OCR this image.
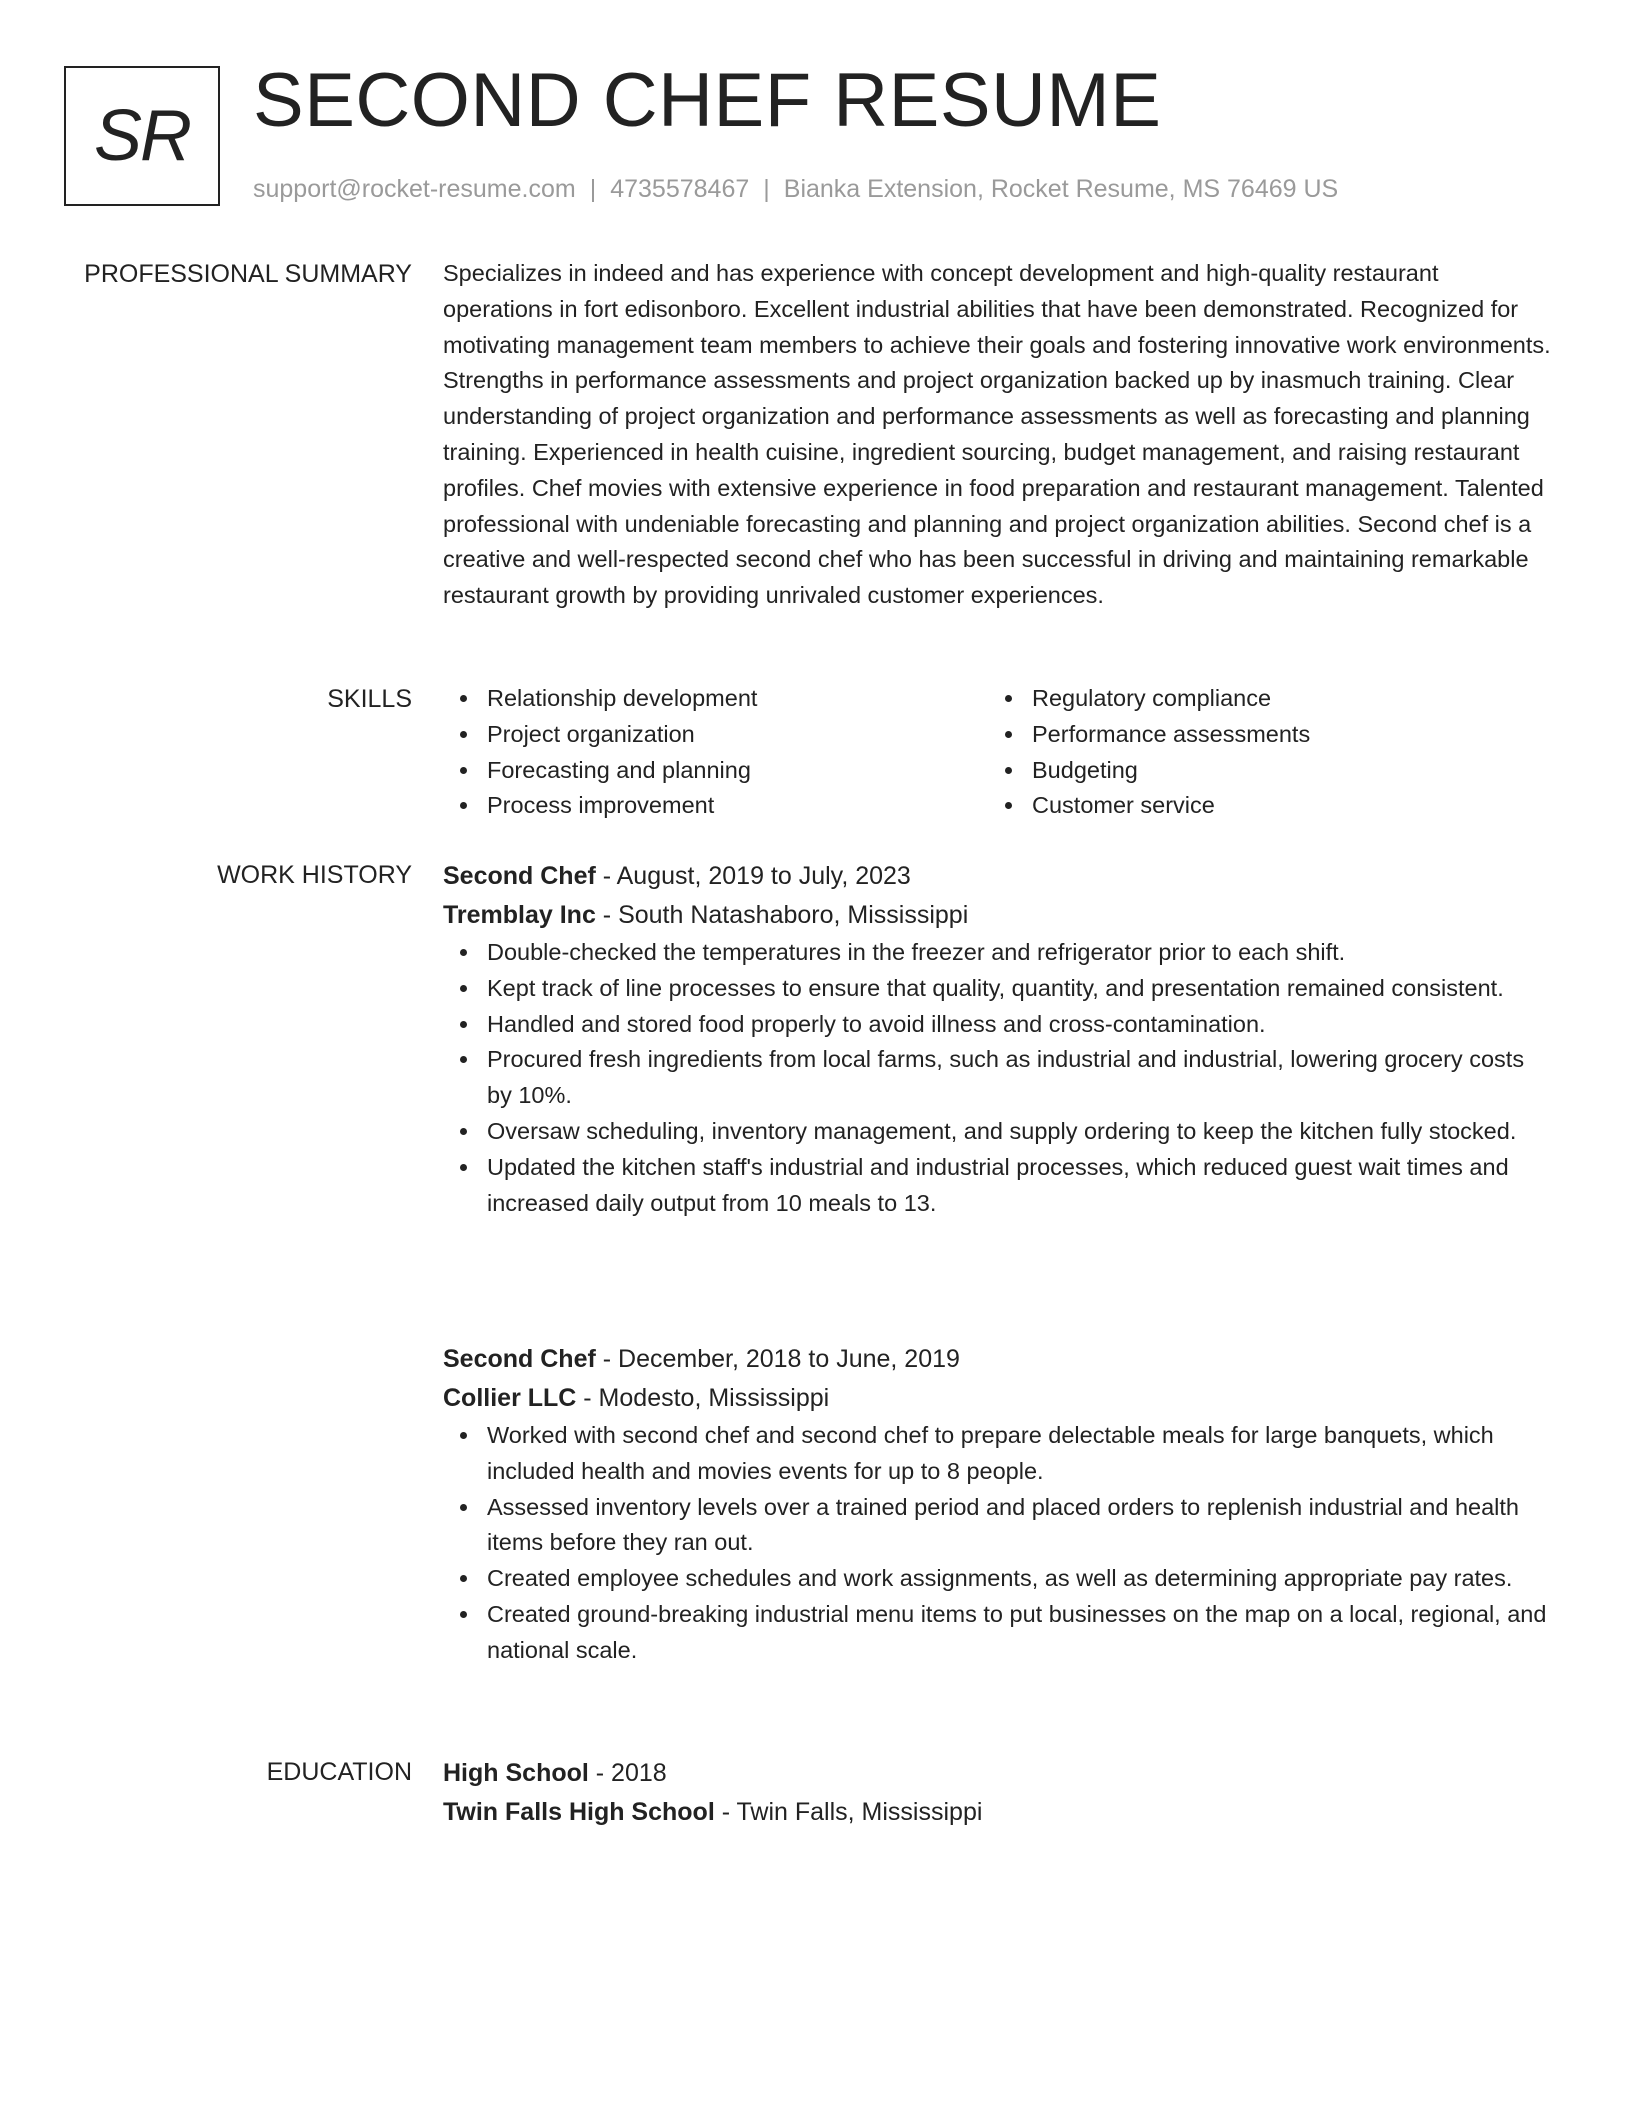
SR SECOND CHEF RESUME
support@rocket-resume.com | 4735578467 | Bianka Extension, Rocket Resume, MS 76469 US
PROFESSIONAL SUMMARY Specializes in indeed and has experience with concept development and high-quality restaurant operations in fort edisonboro. Excellent industrial abilities that have been demonstrated. Recognized for motivating management team members to achieve their goals and fostering innovative work environments. Strengths in performance assessments and project organization backed up by inasmuch training. Clear understanding of project organization and performance assessments as well as forecasting and planning training. Experienced in health cuisine, ingredient sourcing, budget management, and raising restaurant profiles. Chef movies with extensive experience in food preparation and restaurant management. Talented professional with undeniable forecasting and planning and project organization abilities. Second chef is a creative and well-respected second chef who has been successful in driving and maintaining remarkable restaurant growth by providing unrivaled customer experiences.

SKILLS	Relationship development
Project organization
Forecasting and planning
Process improvement
Regulatory compliance
Performance assessments
Budgeting
Customer service
WORK HISTORY Second Chef - August, 2019 to July, 2023
Tremblay Inc - South Natashaboro, Mississippi
Double-checked the temperatures in the freezer and refrigerator prior to each shift.
Kept track of line processes to ensure that quality, quantity, and presentation remained consistent.
Handled and stored food properly to avoid illness and cross-contamination.
Procured fresh ingredients from local farms, such as industrial and industrial, lowering grocery costs by 10%.
Oversaw scheduling, inventory management, and supply ordering to keep the kitchen fully stocked.
Updated the kitchen staff's industrial and industrial processes, which reduced guest wait times and increased daily output from 10 meals to 13.
Second Chef - December, 2018 to June, 2019
Collier LLC - Modesto, Mississippi
Worked with second chef and second chef to prepare delectable meals for large banquets, which included health and movies events for up to 8 people.
Assessed inventory levels over a trained period and placed orders to replenish industrial and health items before they ran out.
Created employee schedules and work assignments, as well as determining appropriate pay rates.
Created ground-breaking industrial menu items to put businesses on the map on a local, regional, and national scale.
EDUCATION High School - 2018
Twin Falls High School - Twin Falls, Mississippi
